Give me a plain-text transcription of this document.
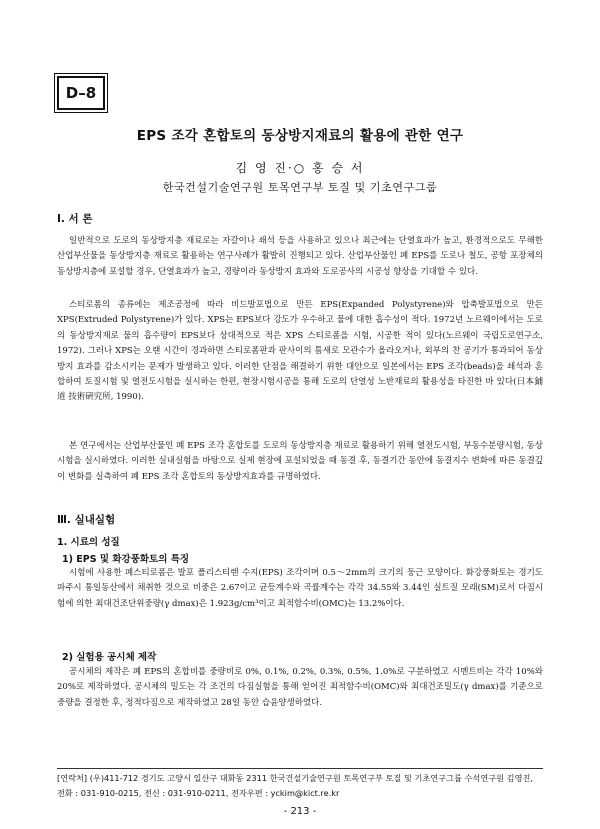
D–8
EPS 조각 혼합토의 동상방지재료의 활용에 관한 연구
김 영 진·○ 홍 승 서
한국건설기술연구원 토목연구부 토질 및 기초연구그룹
Ⅰ. 서 론

일반적으로 도로의 동상방지층 재료로는 자갈이나 쇄석 등을 사용하고 있으나 최근에는 단열효과가 높고, 환경적으로도 무해한 산업부산물을 동상방지층 재료로 활용하는 연구사례가 활발히 진행되고 있다. 산업부산물인 폐 EPS를 도로나 철도, 공항 포장체의 동상방지층에 포설할 경우, 단열효과가 높고, 경량이라 동상방지 효과와 도로공사의 시공성 향상을 기대할 수 있다.

스티로폼의 종류에는 제조공정에 따라 비드발포법으로 만든 EPS(Expanded Polystyrene)와 압축발포법으로 만든 XPS(Extruded Polystyrene)가 있다. XPS는 EPS보다 강도가 우수하고 물에 대한 흡수성이 적다. 1972년 노르웨이에서는 도로의 동상방지재로 물의 흡수량이 EPS보다 상대적으로 적은 XPS 스티로폼을 시험, 시공한 적이 있다(노르웨이 국립도로연구소, 1972). 그러나 XPS는 오랜 시간이 경과하면 스티로폼판과 판사이의 틈새로 모관수가 올라오거나, 외부의 찬 공기가 통과되어 동상방지 효과를 감소시키는 문제가 발생하고 있다. 이러한 단점을 해결하기 위한 대안으로 일본에서는 EPS 조각(beads)을 쇄석과 혼합하여 토질시험 및 열전도시험을 실시하는 한편, 현장시험시공을 통해 도로의 단열성 노반재료의 활용성을 타진한 바 있다(日本鋪道 技術硏究所, 1990).

본 연구에서는 산업부산물인 폐 EPS 조각 혼합토를 도로의 동상방지층 재료로 활용하기 위해 열전도시험, 부동수분량시험, 동상시험을 실시하였다. 이러한 실내실험을 바탕으로 실제 현장에 포설되었을 때 동결 후, 동결기간 동안에 동결지수 변화에 따른 동결깊이 변화를 실측하여 폐 EPS 조각 혼합토의 동상방지효과를 규명하였다.

Ⅲ. 실내실험
1. 시료의 성질
1) EPS 및 화강풍화토의 특징

시험에 사용한 폐스티로폼은 발포 폴리스티렌 수지(EPS) 조각이며 0.5～2mm의 크기의 둥근 모양이다. 화강풍화토는 경기도 파주시 통일동산에서 채취한 것으로 비중은 2.67이고 균등계수와 곡률계수는 각각 34.55와 3.44인 실트질 모래(SM)로서 다짐시험에 의한 최대건조단위중량(γ dmax)은 1.923g/cm³이고 최적함수비(OMC)는 13.2%이다.

2) 실험용 공시체 제작

공시체의 제작은 폐 EPS의 혼합비를 중량비로 0%, 0.1%, 0.2%, 0.3%, 0.5%, 1.0%로 구분하였고 시멘트비는 각각 10%와 20%로 제작하였다. 공시체의 밀도는 각 조건의 다짐실험을 통해 얻어진 최적함수비(OMC)와 최대건조밀도(γ dmax)를 기준으로 중량을 결정한 후, 정적다짐으로 제작하였고 28일 동안 습윤양생하였다.

[연락처] (우)411-712 경기도 고양시 일산구 대화동 2311 한국건설기술연구원 토목연구부 토질 및 기초연구그룹 수석연구원 김영진, 전화 : 031-910-0215, 전신 : 031-910-0211, 전자우편 : yckim@kict.re.kr

- 213 -
